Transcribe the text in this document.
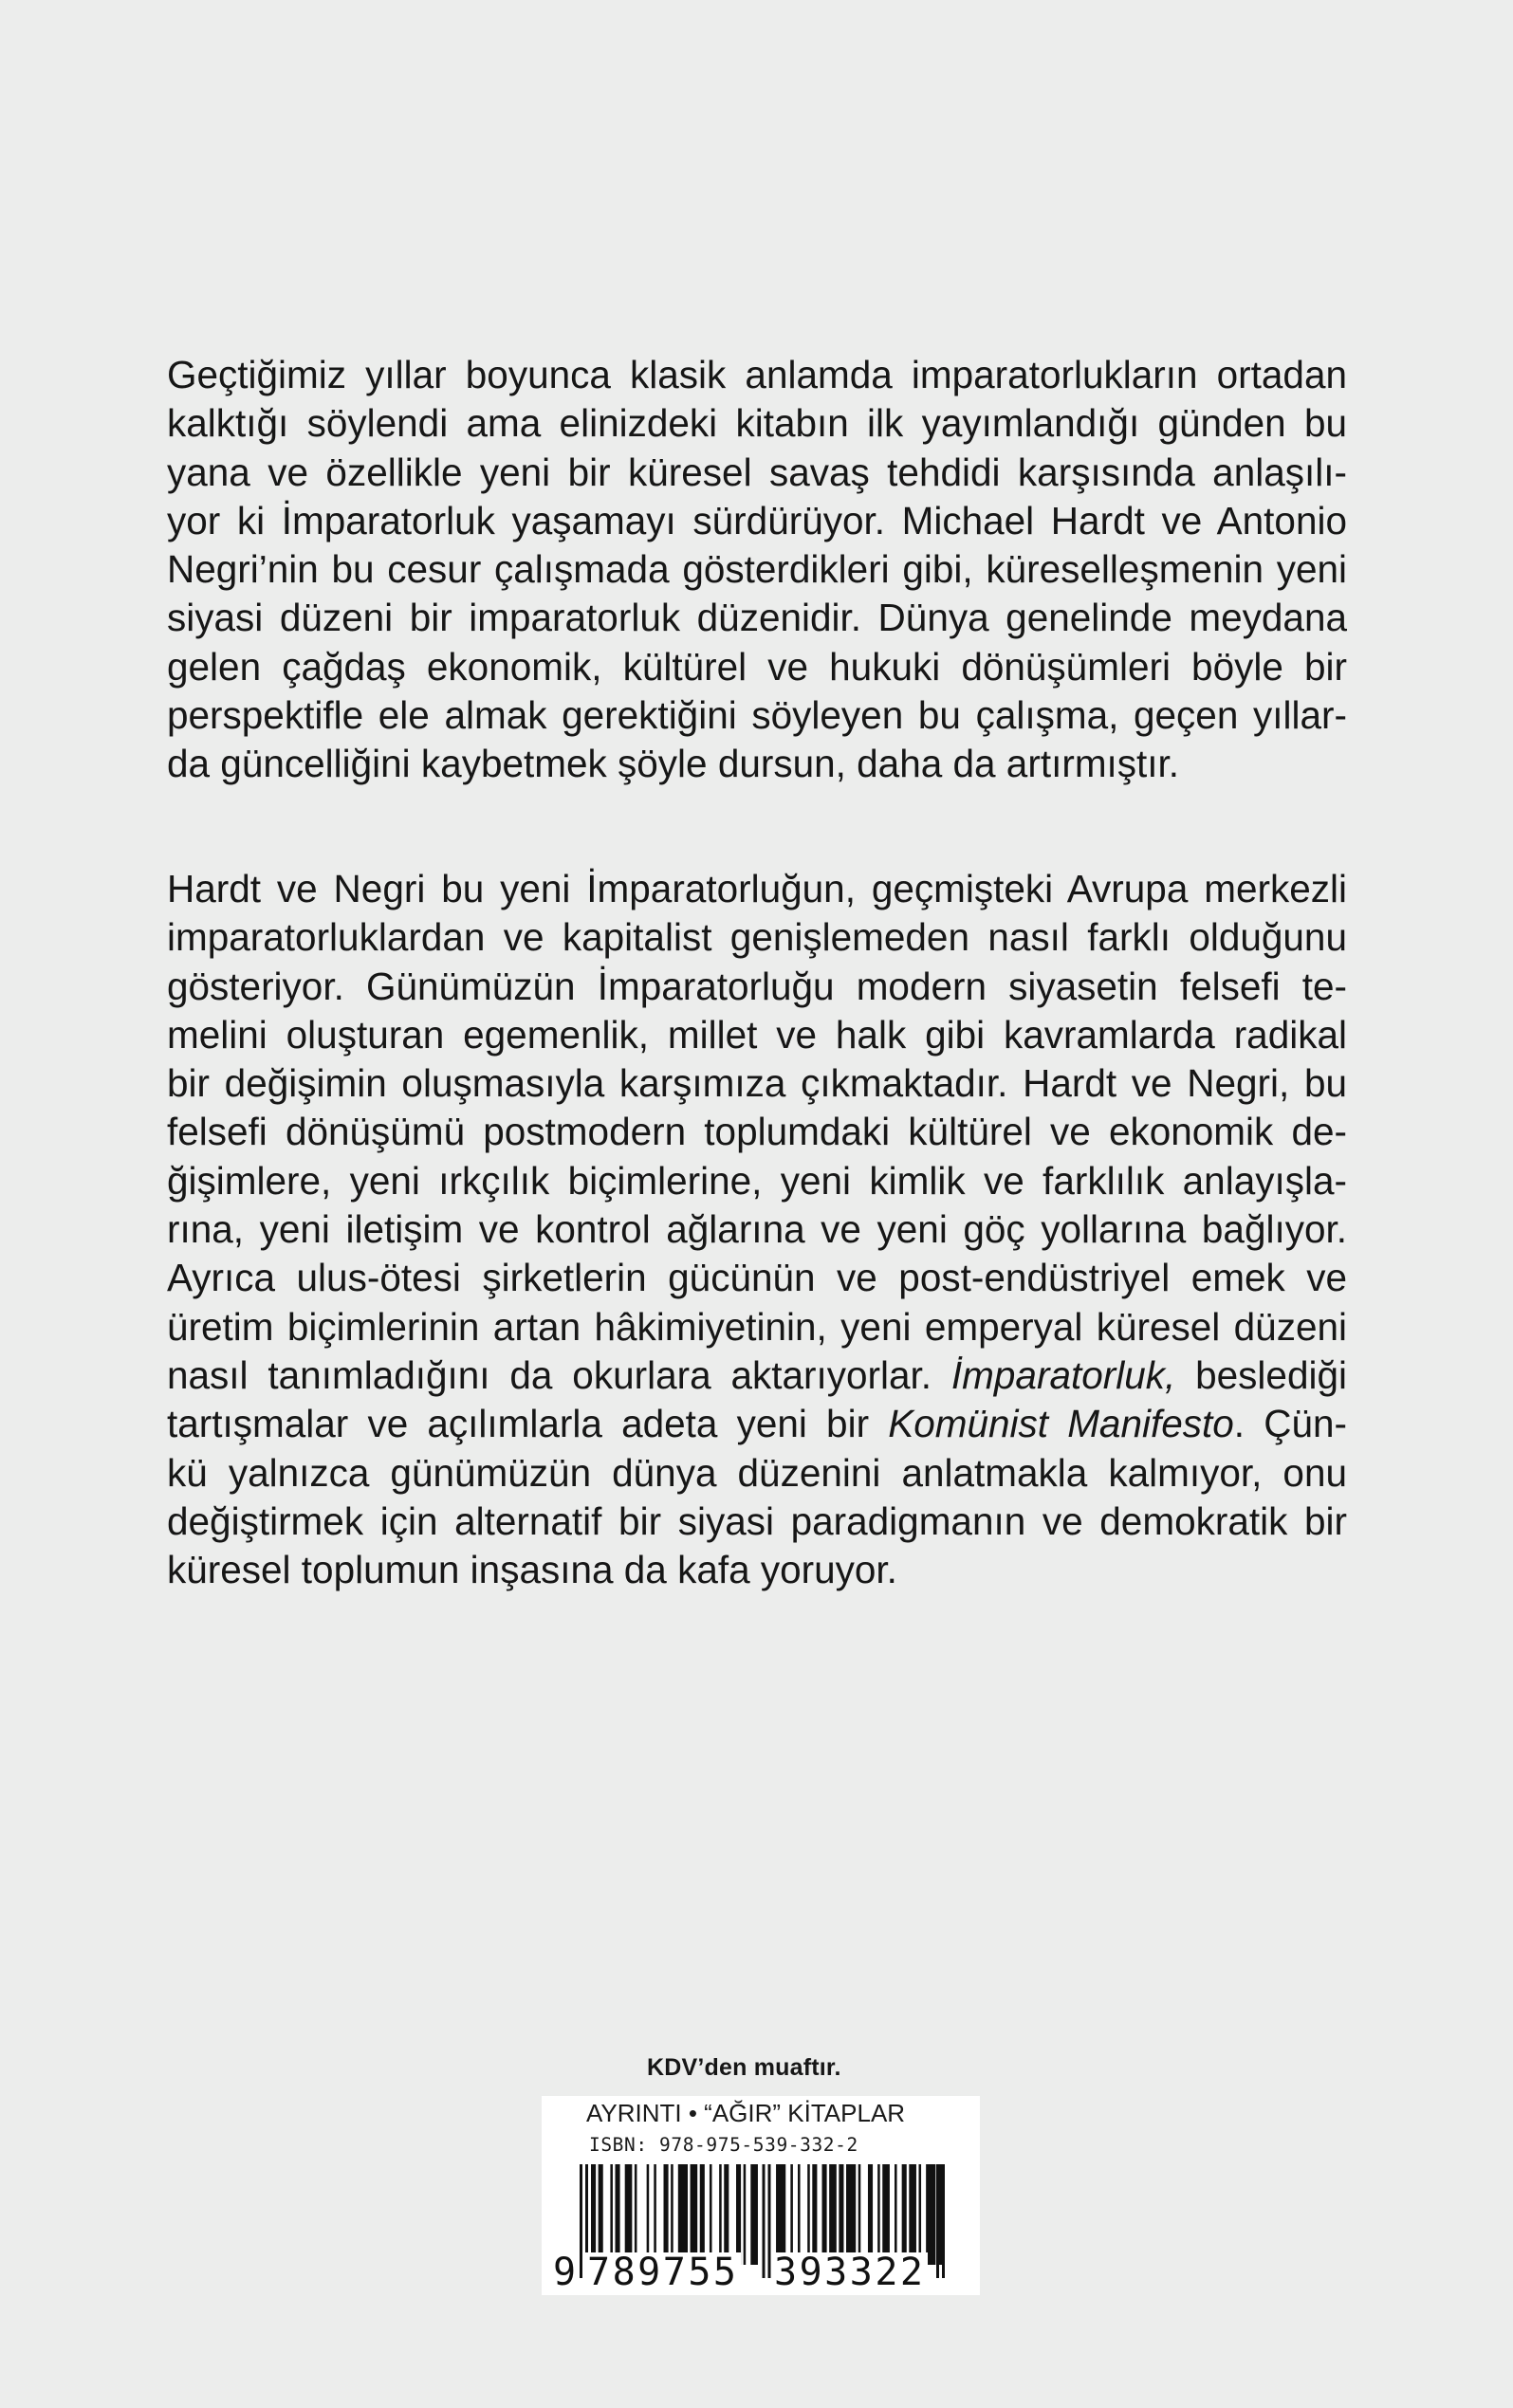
Geçtiğimiz yıllar boyunca klasik anlamda imparatorlukların ortadan
kalktığı söylendi ama elinizdeki kitabın ilk yayımlandığı günden bu
yana ve özellikle yeni bir küresel savaş tehdidi karşısında anlaşılı-
yor ki İmparatorluk yaşamayı sürdürüyor. Michael Hardt ve Antonio
Negri’nin bu cesur çalışmada gösterdikleri gibi, küreselleşmenin yeni
siyasi düzeni bir imparatorluk düzenidir. Dünya genelinde meydana
gelen çağdaş ekonomik, kültürel ve hukuki dönüşümleri böyle bir
perspektifle ele almak gerektiğini söyleyen bu çalışma, geçen yıllar-
da güncelliğini kaybetmek şöyle dursun, daha da artırmıştır.
Hardt ve Negri bu yeni İmparatorluğun, geçmişteki Avrupa merkezli
imparatorluklardan ve kapitalist genişlemeden nasıl farklı olduğunu
gösteriyor. Günümüzün İmparatorluğu modern siyasetin felsefi te-
melini oluşturan egemenlik, millet ve halk gibi kavramlarda radikal
bir değişimin oluşmasıyla karşımıza çıkmaktadır. Hardt ve Negri, bu
felsefi dönüşümü postmodern toplumdaki kültürel ve ekonomik de-
ğişimlere, yeni ırkçılık biçimlerine, yeni kimlik ve farklılık anlayışla-
rına, yeni iletişim ve kontrol ağlarına ve yeni göç yollarına bağlıyor.
Ayrıca ulus-ötesi şirketlerin gücünün ve post-endüstriyel emek ve
üretim biçimlerinin artan hâkimiyetinin, yeni emperyal küresel düzeni
nasıl tanımladığını da okurlara aktarıyorlar. İmparatorluk, beslediği
tartışmalar ve açılımlarla adeta yeni bir Komünist Manifesto. Çün-
kü yalnızca günümüzün dünya düzenini anlatmakla kalmıyor, onu
değiştirmek için alternatif bir siyasi paradigmanın ve demokratik bir
küresel toplumun inşasına da kafa yoruyor.
KDV’den muaftır.
AYRINTI • “AĞIR” KİTAPLAR
ISBN: 978-975-539-332-2
9 789755 393322
